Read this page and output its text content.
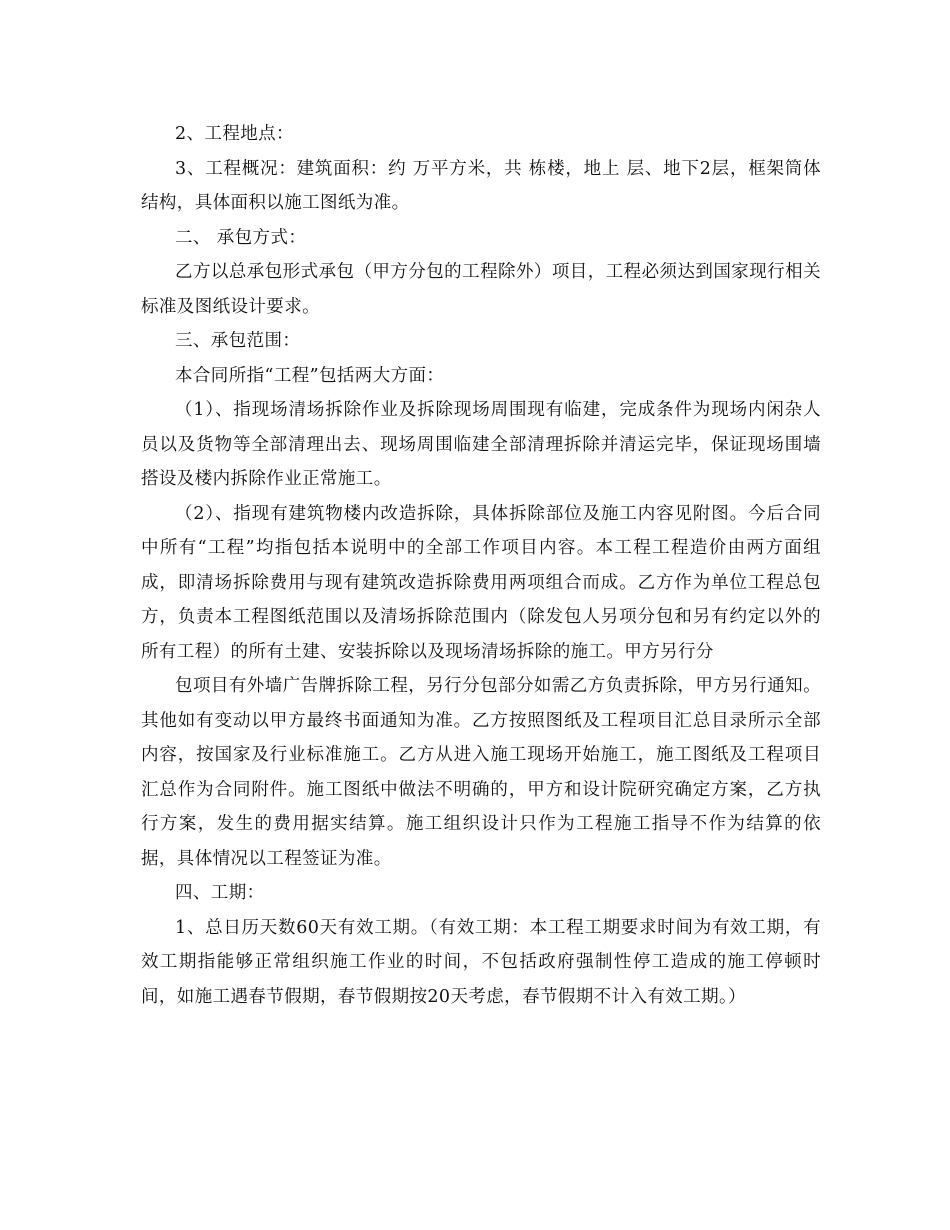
2、工程地点：

3、工程概况：建筑面积：约 万平方米，共 栋楼，地上 层、地下2层，框架筒体结构，具体面积以施工图纸为准。

二、 承包方式：

乙方以总承包形式承包（甲方分包的工程除外）项目，工程必须达到国家现行相关标准及图纸设计要求。

三、承包范围：

本合同所指“工程”包括两大方面：

（1）、指现场清场拆除作业及拆除现场周围现有临建，完成条件为现场内闲杂人员以及货物等全部清理出去、现场周围临建全部清理拆除并清运完毕，保证现场围墙搭设及楼内拆除作业正常施工。

（2）、指现有建筑物楼内改造拆除，具体拆除部位及施工内容见附图。今后合同中所有“工程”均指包括本说明中的全部工作项目内容。本工程工程造价由两方面组成，即清场拆除费用与现有建筑改造拆除费用两项组合而成。乙方作为单位工程总包方，负责本工程图纸范围以及清场拆除范围内（除发包人另项分包和另有约定以外的所有工程）的所有土建、安装拆除以及现场清场拆除的施工。甲方另行分

包项目有外墙广告牌拆除工程，另行分包部分如需乙方负责拆除，甲方另行通知。其他如有变动以甲方最终书面通知为准。乙方按照图纸及工程项目汇总目录所示全部内容，按国家及行业标准施工。乙方从进入施工现场开始施工，施工图纸及工程项目汇总作为合同附件。施工图纸中做法不明确的，甲方和设计院研究确定方案，乙方执行方案，发生的费用据实结算。施工组织设计只作为工程施工指导不作为结算的依据，具体情况以工程签证为准。

四、工期：

1、总日历天数60天有效工期。（有效工期：本工程工期要求时间为有效工期，有效工期指能够正常组织施工作业的时间，不包括政府强制性停工造成的施工停顿时间，如施工遇春节假期，春节假期按20天考虑，春节假期不计入有效工期。）
